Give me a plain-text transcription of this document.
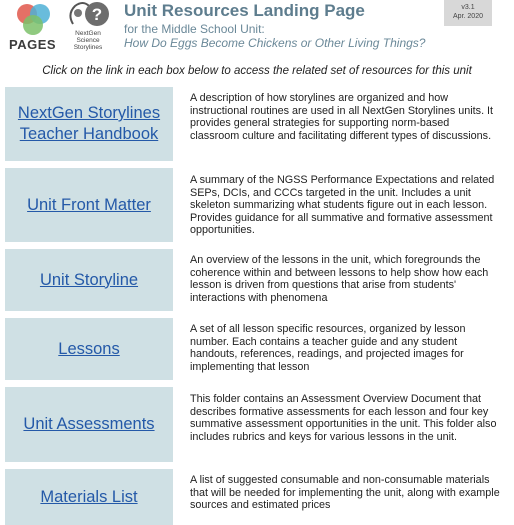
PAGES
?
NextGen
Science
Storylines
Unit Resources Landing Page
for the Middle School Unit:
How Do Eggs Become Chickens or Other Living Things?
v3.1
Apr. 2020
Click on the link in each box below to access the related set of resources for this unit
NextGen Storylines Teacher Handbook
A description of how storylines are organized and how instructional routines are used in all NextGen Storylines units. It provides general strategies for supporting norm-based classroom culture and facilitating different types of discussions.
Unit Front Matter
A summary of the NGSS Performance Expectations and related SEPs, DCIs, and CCCs targeted in the unit. Includes a unit skeleton summarizing what students figure out in each lesson. Provides guidance for all summative and formative assessment opportunities.
Unit Storyline
An overview of the lessons in the unit, which foregrounds the coherence within and between lessons to help show how each lesson is driven from questions that arise from students' interactions with phenomena
Lessons
A set of all lesson specific resources, organized by lesson number. Each contains a teacher guide and any student handouts, references, readings, and projected images for implementing that lesson
Unit Assessments
This folder contains an Assessment Overview Document that describes formative assessments for each lesson and four key summative assessment opportunities in the unit. This folder also includes rubrics and keys for various lessons in the unit.
Materials List
A list of suggested consumable and non-consumable materials that will be needed for implementing the unit, along with example sources and estimated prices
